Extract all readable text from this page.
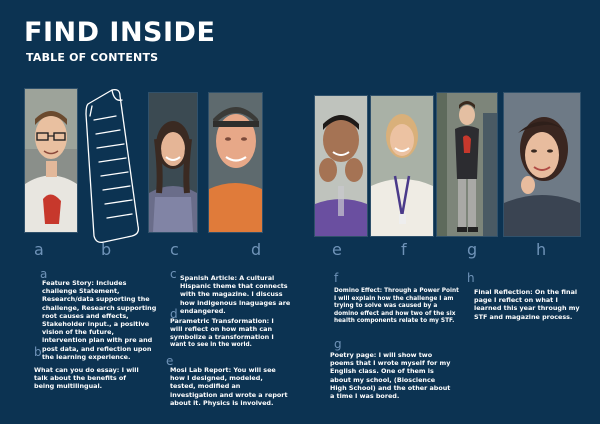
FIND INSIDE
TABLE OF CONTENTS
a	b	c	d	e	f	g	h
a
Feature Story: Includes challenge Statement, Research/data supporting the challenge, Research supporting root causes and effects, Stakeholder input., a positive vision of the future, intervention plan with pre and post data, and reflection upon the learning experience.
b
What can you do essay: I will talk about the benefits of being multilingual.
c Spanish Article: A cultural Hispanic theme that connects with the magazine. I discuss how indigenous lnaguages are endangered.
d
Parametric Transformation: I will reflect on how math can symbolize a transformation I
want to see in the world.
e
Mosi Lab Report: You will see how I designed, modeled, tested, modified an investigation and wrote a report about it. Physics is involved.
f
Domino Effect: Through a Power Point I will explain how the challenge I am trying to solve was caused by a domino effect and how two of the six health components relate to my STF.
g
Poetry page: I will show two poems that I wrote myself for my English class. One of them is about my school, (Bioscience High School) and the other about a time I was bored.
h
Final Reflection: On the final page I reflect on what I learned this year through my STF and magazine process.
